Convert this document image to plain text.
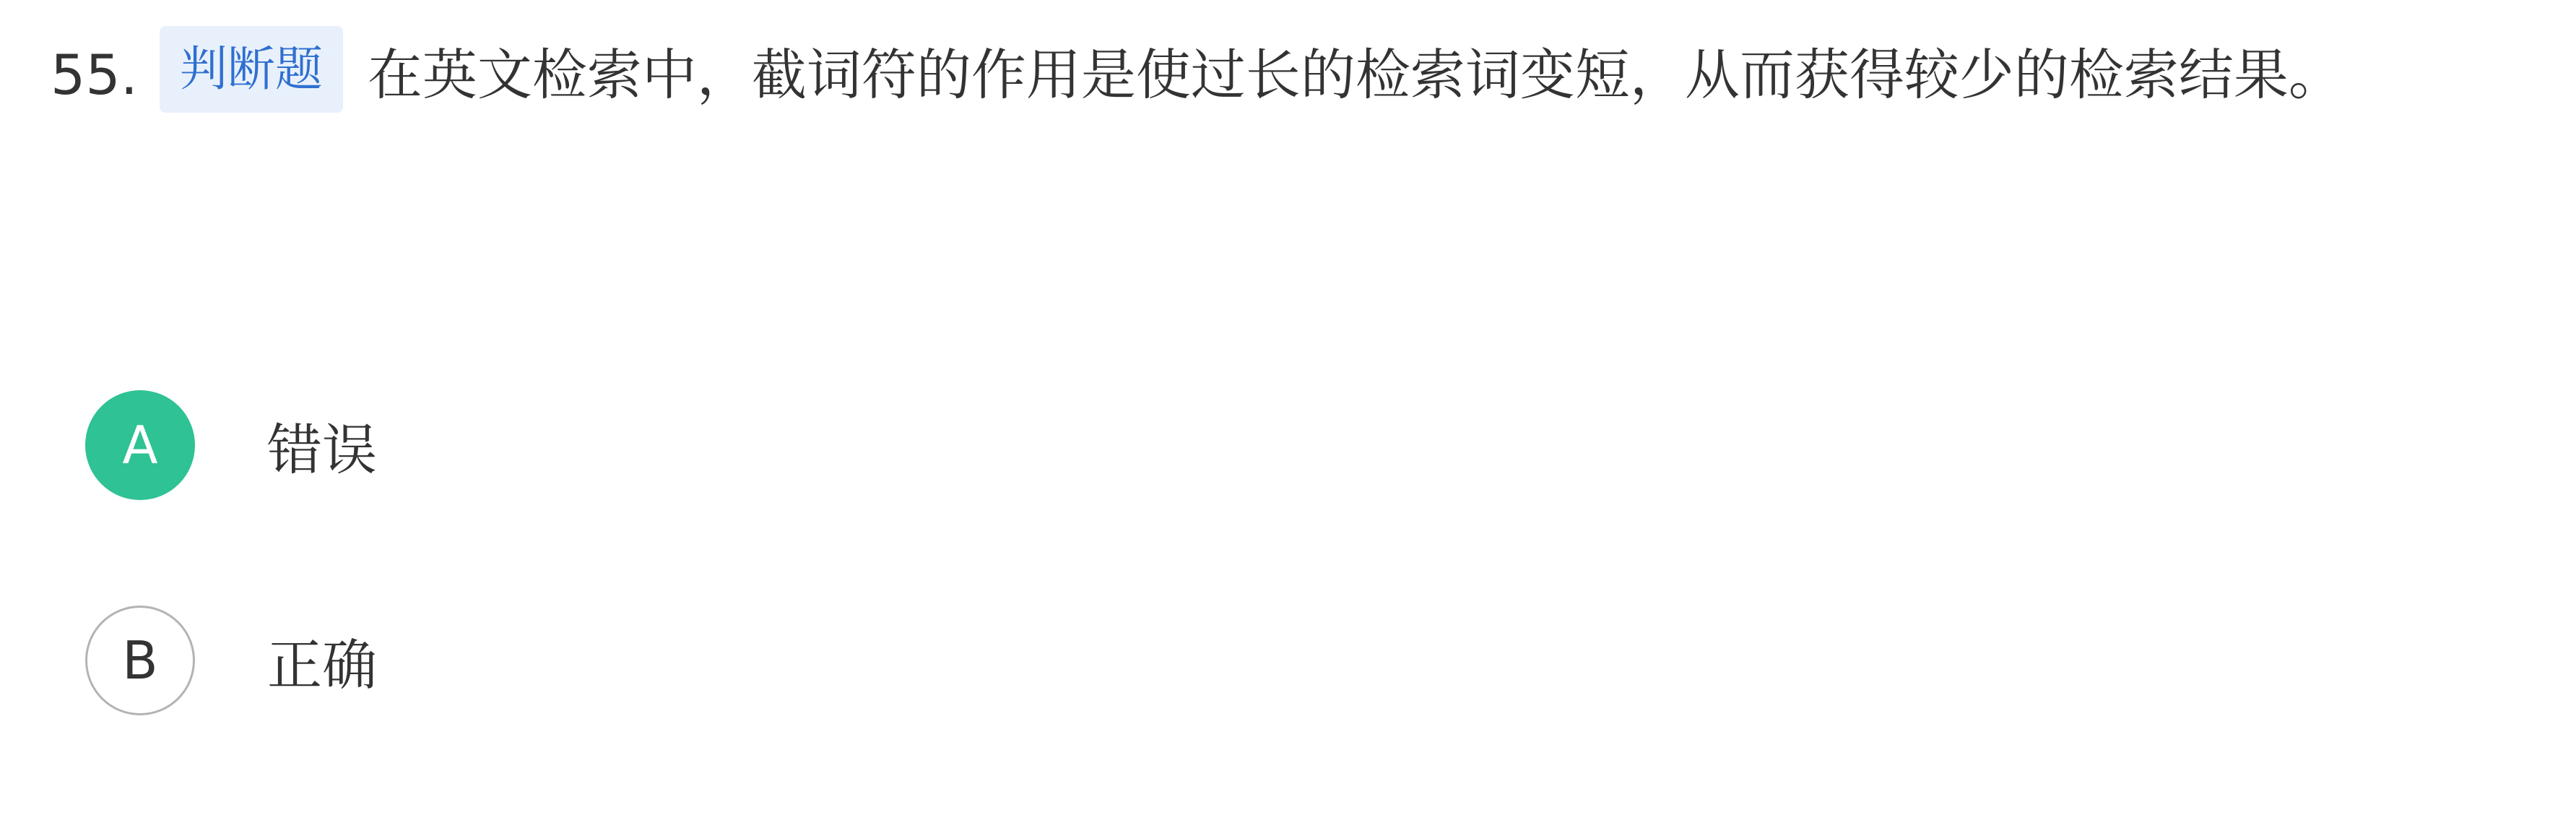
55. 判断题 在英文检索中，截词符的作用是使过长的检索词变短，从而获得较少的检索结果。
A	错误
B	正确
